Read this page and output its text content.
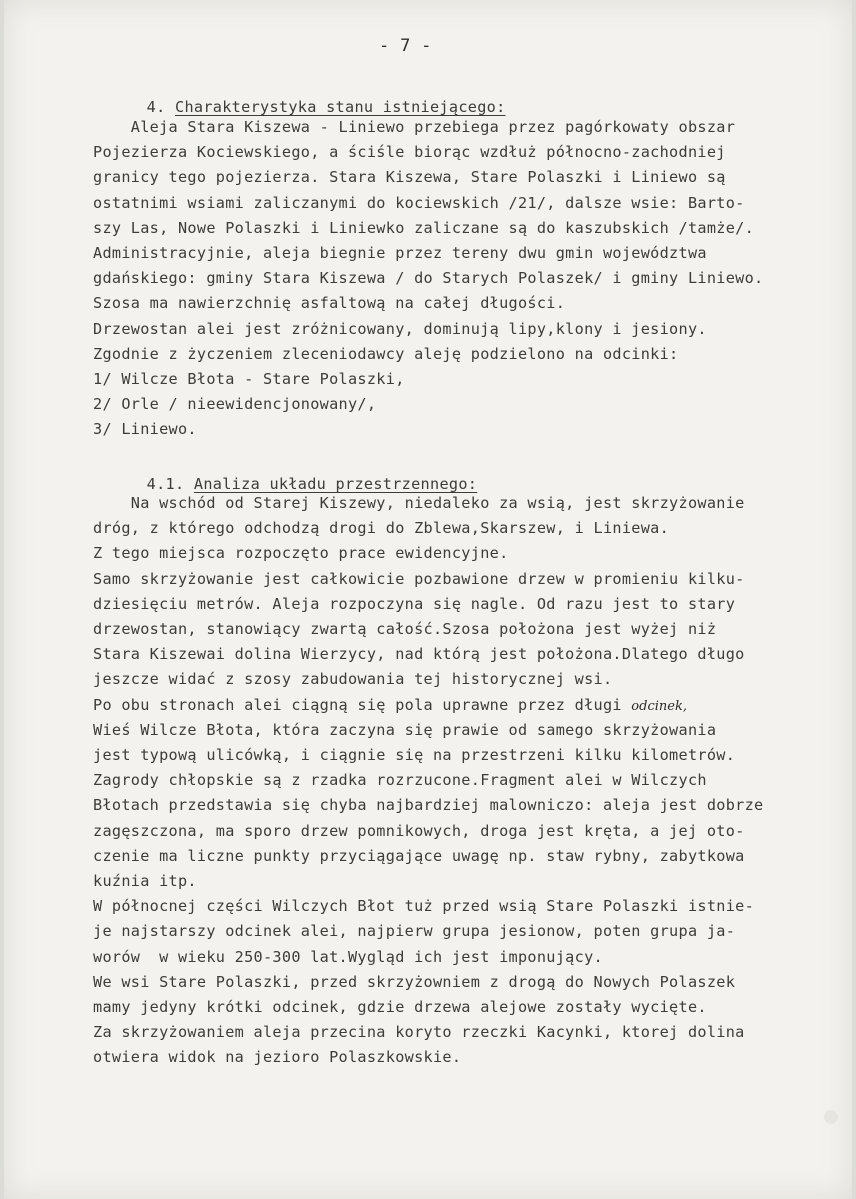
- 7 -

4. Charakterystyka stanu istniejącego:

Aleja Stara Kiszewa - Liniewo przebiega przez pagórkowaty obszar
Pojezierza Kociewskiego, a ściśle biorąc wzdłuż północno-zachodniej
granicy tego pojezierza. Stara Kiszewa, Stare Polaszki i Liniewo są
ostatnimi wsiami zaliczanymi do kociewskich /21/, dalsze wsie: Barto-
szy Las, Nowe Polaszki i Liniewko zaliczane są do kaszubskich /tamże/.
Administracyjnie, aleja biegnie przez tereny dwu gmin województwa
gdańskiego: gminy Stara Kiszewa / do Starych Polaszek/ i gminy Liniewo.
Szosa ma nawierzchnię asfaltową na całej długości.
Drzewostan alei jest zróżnicowany, dominują lipy,klony i jesiony.
Zgodnie z życzeniem zleceniodawcy aleję podzielono na odcinki:
1/ Wilcze Błota - Stare Polaszki,
2/ Orle / nieewidencjonowany/,
3/ Liniewo.

4.1. Analiza układu przestrzennego:

Na wschód od Starej Kiszewy, niedaleko za wsią, jest skrzyżowanie
dróg, z którego odchodzą drogi do Zblewa,Skarszew, i Liniewa.
Z tego miejsca rozpoczęto prace ewidencyjne.
Samo skrzyżowanie jest całkowicie pozbawione drzew w promieniu kilku-
dziesięciu metrów. Aleja rozpoczyna się nagle. Od razu jest to stary
drzewostan, stanowiący zwartą całość.Szosa położona jest wyżej niż
Stara Kiszewai dolina Wierzycy, nad którą jest położona.Dlatego długo
jeszcze widać z szosy zabudowania tej historycznej wsi.
Po obu stronach alei ciągną się pola uprawne przez długi odcinek,
Wieś Wilcze Błota, która zaczyna się prawie od samego skrzyżowania
jest typową ulicówką, i ciągnie się na przestrzeni kilku kilometrów.
Zagrody chłopskie są z rzadka rozrzucone.Fragment alei w Wilczych
Błotach przedstawia się chyba najbardziej malowniczo: aleja jest dobrze
zagęszczona, ma sporo drzew pomnikowych, droga jest kręta, a jej oto-
czenie ma liczne punkty przyciągające uwagę np. staw rybny, zabytkowa
kuźnia itp.
W północnej części Wilczych Błot tuż przed wsią Stare Polaszki istnie-
je najstarszy odcinek alei, najpierw grupa jesionow, poten grupa ja-
worów  w wieku 250-300 lat.Wygląd ich jest imponujący.
We wsi Stare Polaszki, przed skrzyżowniem z drogą do Nowych Polaszek
mamy jedyny krótki odcinek, gdzie drzewa alejowe zostały wycięte.
Za skrzyżowaniem aleja przecina koryto rzeczki Kacynki, ktorej dolina
otwiera widok na jezioro Polaszkowskie.
